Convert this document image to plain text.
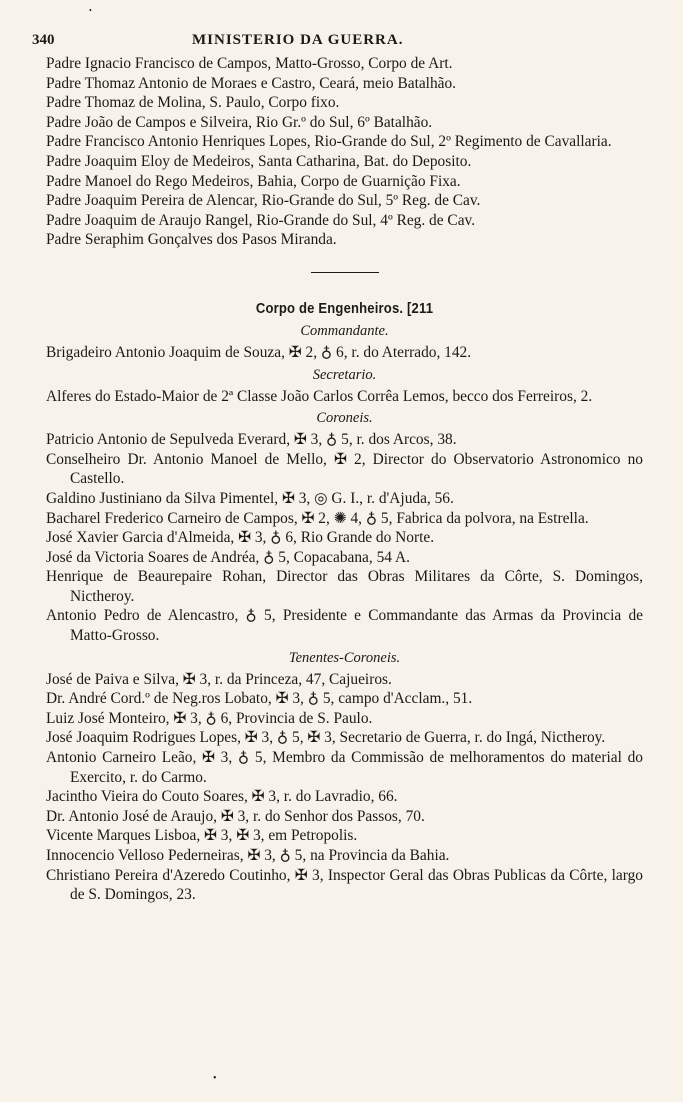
•
340	MINISTERIO DA GUERRA.
Padre Ignacio Francisco de Campos, Matto-Grosso, Corpo de Art.
Padre Thomaz Antonio de Moraes e Castro, Ceará, meio Batalhão.
Padre Thomaz de Molina, S. Paulo, Corpo fixo.
Padre João de Campos e Silveira, Rio Gr.º do Sul, 6º Batalhão.
Padre Francisco Antonio Henriques Lopes, Rio-Grande do Sul, 2º Regimento de Cavallaria.
Padre Joaquim Eloy de Medeiros, Santa Catharina, Bat. do Deposito.
Padre Manoel do Rego Medeiros, Bahia, Corpo de Guarnição Fixa.
Padre Joaquim Pereira de Alencar, Rio-Grande do Sul, 5º Reg. de Cav.
Padre Joaquim de Araujo Rangel, Rio-Grande do Sul, 4º Reg. de Cav.
Padre Seraphim Gonçalves dos Pasos Miranda.
Corpo de Engenheiros. [211
Commandante.
Brigadeiro Antonio Joaquim de Souza, ✠ 2, ♁ 6, r. do Aterrado, 142.
Secretario.
Alferes do Estado-Maior de 2ª Classe João Carlos Corrêa Lemos, becco dos Ferreiros, 2.
Coroneis.
Patricio Antonio de Sepulveda Everard, ✠ 3, ♁ 5, r. dos Arcos, 38.
Conselheiro Dr. Antonio Manoel de Mello, ✠ 2, Director do Observatorio Astronomico no Castello.
Galdino Justiniano da Silva Pimentel, ✠ 3, ◎ G. I., r. d'Ajuda, 56.
Bacharel Frederico Carneiro de Campos, ✠ 2, ✺ 4, ♁ 5, Fabrica da polvora, na Estrella.
José Xavier Garcia d'Almeida, ✠ 3, ♁ 6, Rio Grande do Norte.
José da Victoria Soares de Andréa, ♁ 5, Copacabana, 54 A.
Henrique de Beaurepaire Rohan, Director das Obras Militares da Côrte, S. Domingos, Nictheroy.
Antonio Pedro de Alencastro, ♁ 5, Presidente e Commandante das Armas da Provincia de Matto-Grosso.
Tenentes-Coroneis.
José de Paiva e Silva, ✠ 3, r. da Princeza, 47, Cajueiros.
Dr. André Cord.º de Neg.ros Lobato, ✠ 3, ♁ 5, campo d'Acclam., 51.
Luiz José Monteiro, ✠ 3, ♁ 6, Provincia de S. Paulo.
José Joaquim Rodrigues Lopes, ✠ 3, ♁ 5, ✠ 3, Secretario de Guerra, r. do Ingá, Nictheroy.
Antonio Carneiro Leão, ✠ 3, ♁ 5, Membro da Commissão de melhoramentos do material do Exercito, r. do Carmo.
Jacintho Vieira do Couto Soares, ✠ 3, r. do Lavradio, 66.
Dr. Antonio José de Araujo, ✠ 3, r. do Senhor dos Passos, 70.
Vicente Marques Lisboa, ✠ 3, ✠ 3, em Petropolis.
Innocencio Velloso Pederneiras, ✠ 3, ♁ 5, na Provincia da Bahia.
Christiano Pereira d'Azeredo Coutinho, ✠ 3, Inspector Geral das Obras Publicas da Côrte, largo de S. Domingos, 23.
•
